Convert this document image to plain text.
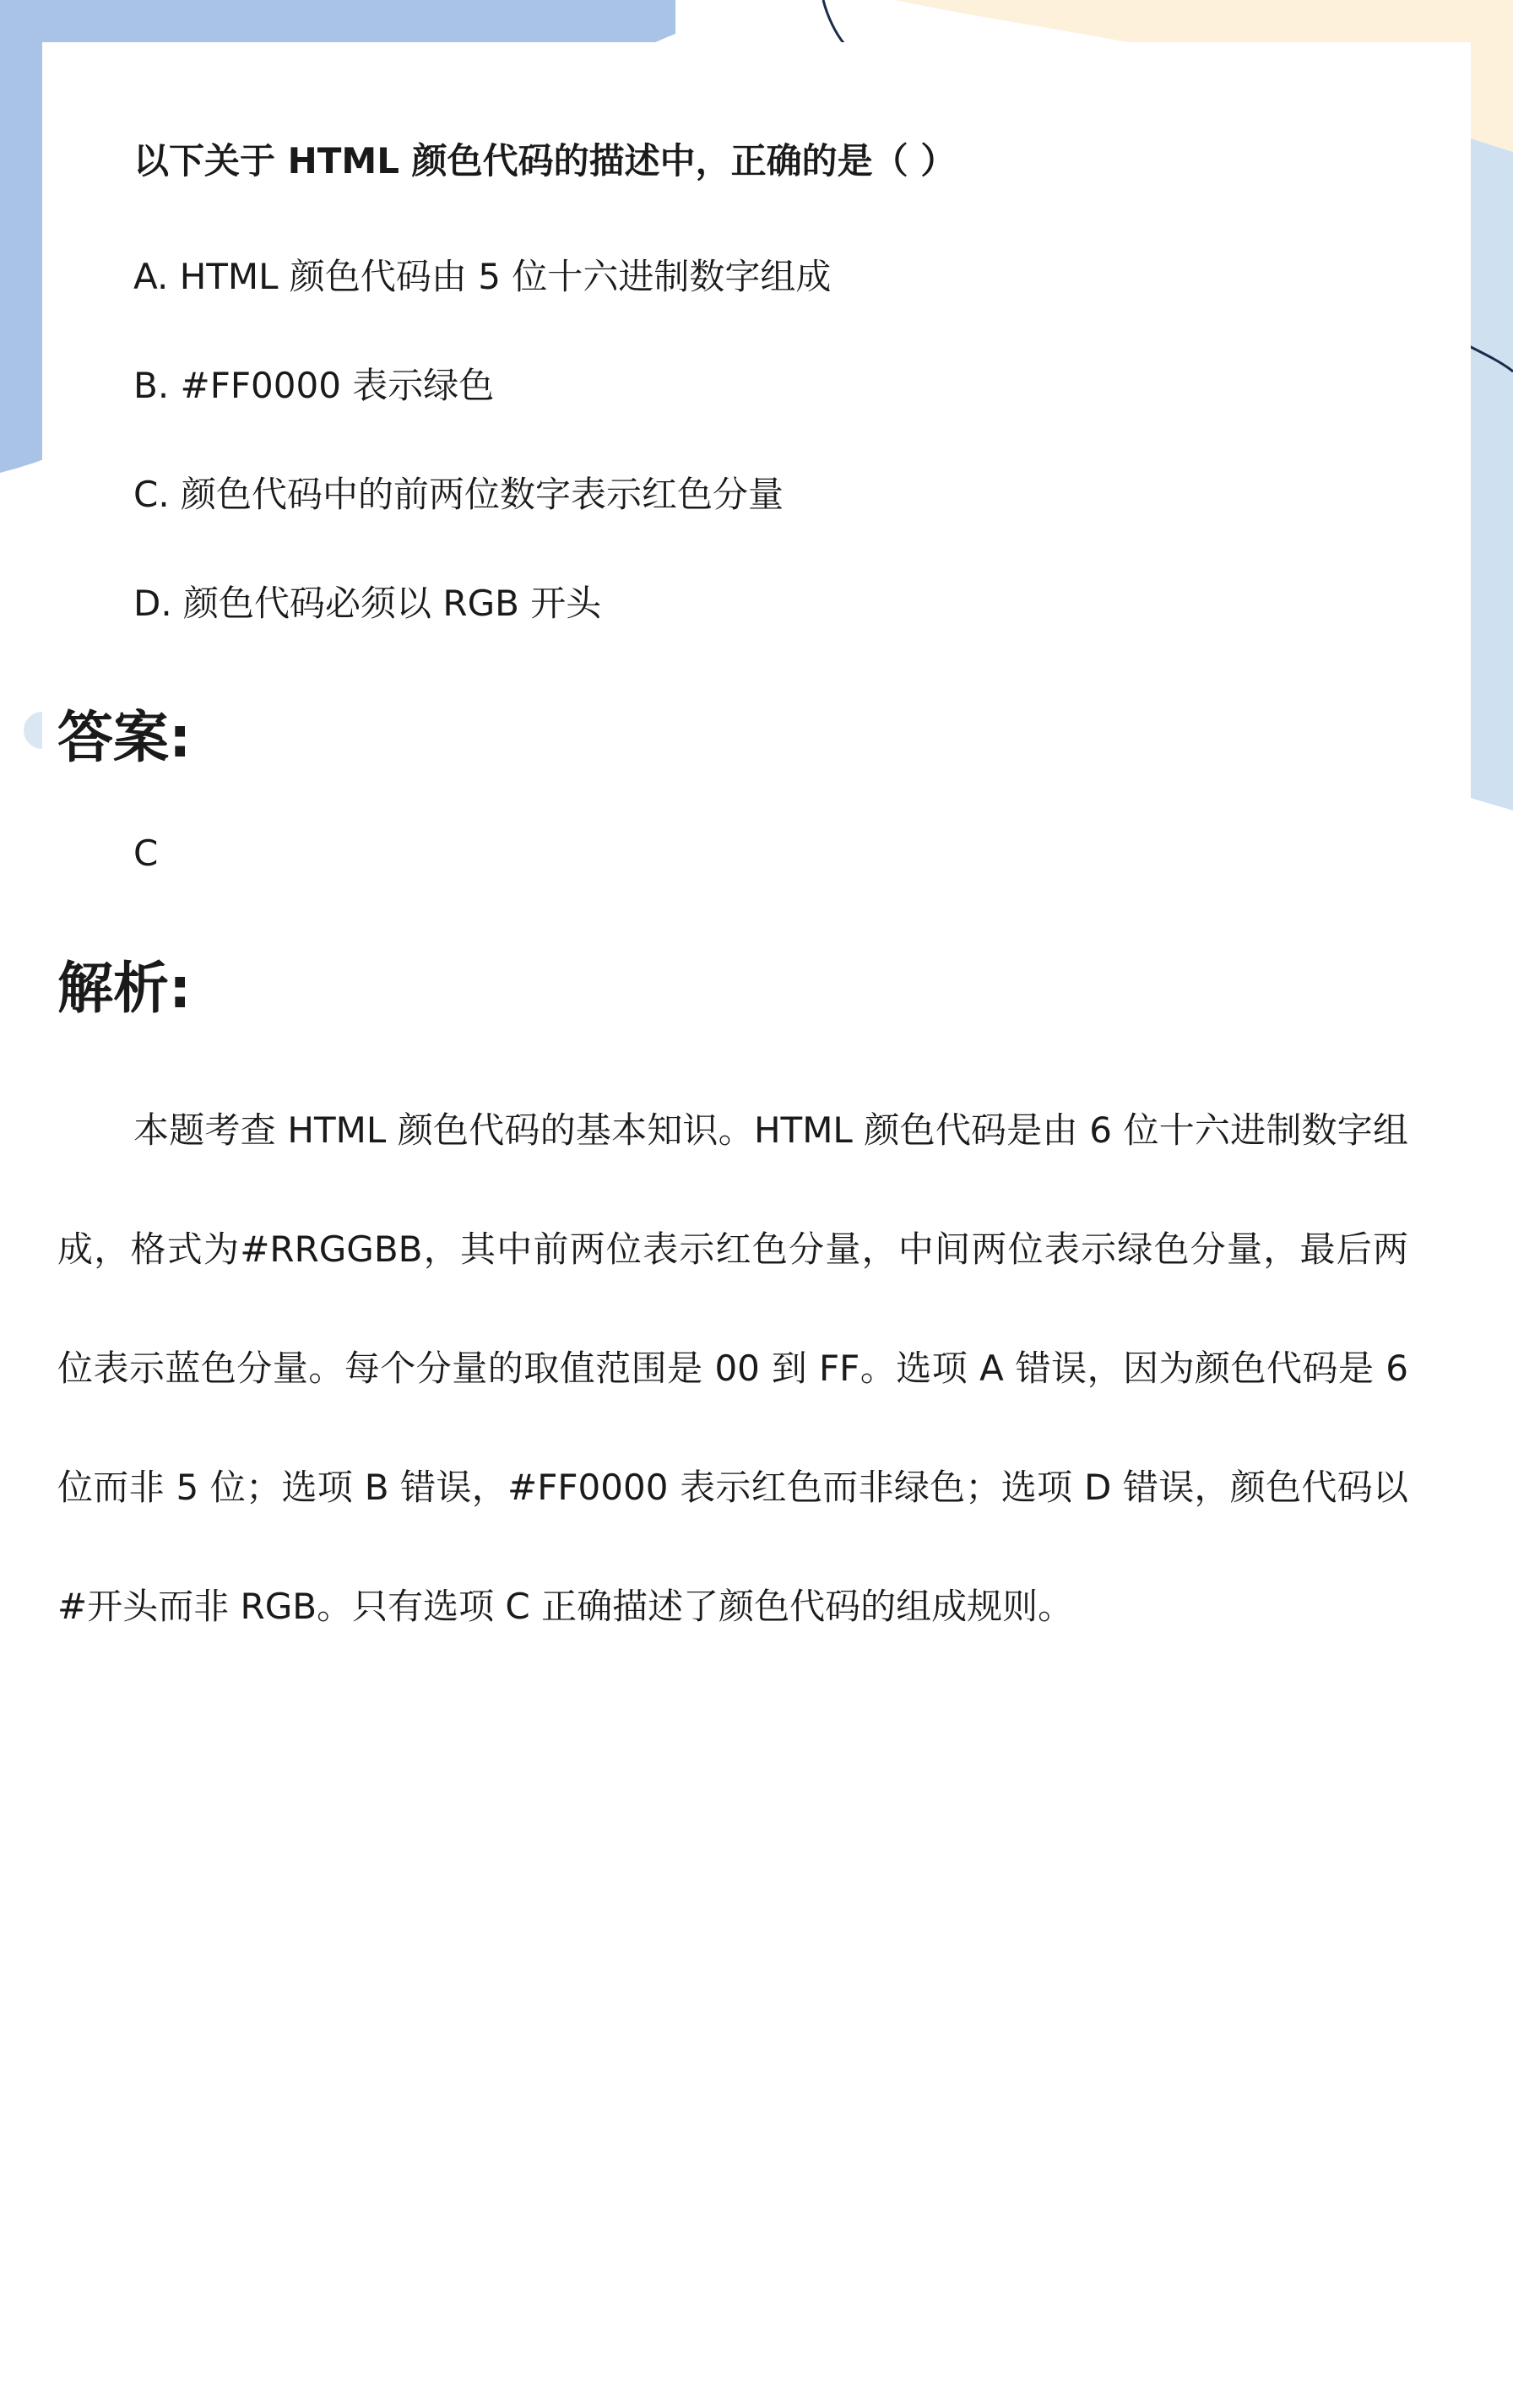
以下关于 HTML 颜色代码的描述中，正确的是（ ）
A. HTML 颜色代码由 5 位十六进制数字组成
B. #FF0000 表示绿色
C. 颜色代码中的前两位数字表示红色分量
D. 颜色代码必须以 RGB 开头
答案:
C
解析:

本题考查 HTML 颜色代码的基本知识。HTML 颜色代码是由 6 位十六进制数字组成，格式为#RRGGBB，其中前两位表示红色分量，中间两位表示绿色分量，最后两位表示蓝色分量。每个分量的取值范围是 00 到 FF。选项 A 错误，因为颜色代码是 6 位而非 5 位；选项 B 错误，#FF0000 表示红色而非绿色；选项 D 错误，颜色代码以#开头而非 RGB。只有选项 C 正确描述了颜色代码的组成规则。
